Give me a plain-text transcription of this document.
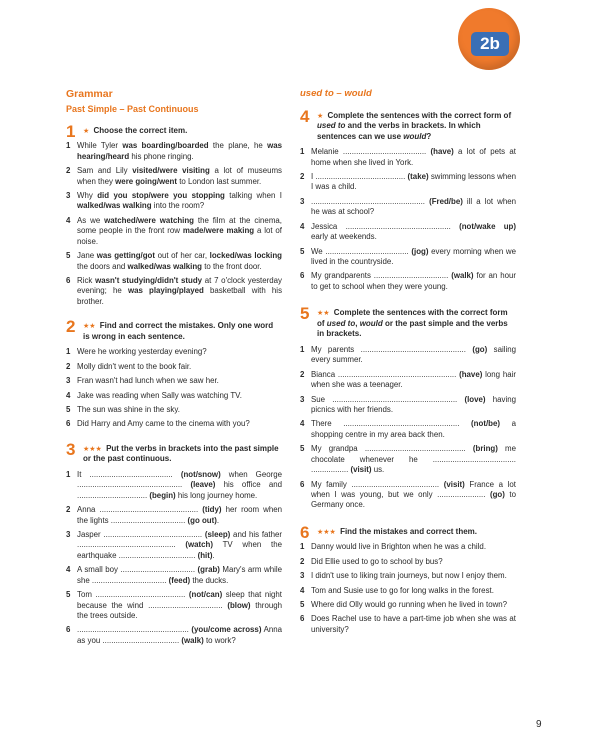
2b
Grammar
Past Simple – Past Continuous
1 ★ Choose the correct item.
1 While Tyler was boarding/boarded the plane, he was hearing/heard his phone ringing.
2 Sam and Lily visited/were visiting a lot of museums when they were going/went to London last summer.
3 Why did you stop/were you stopping talking when I walked/was walking into the room?
4 As we watched/were watching the film at the cinema, some people in the front row made/were making a lot of noise.
5 Jane was getting/got out of her car, locked/was locking the doors and walked/was walking to the front door.
6 Rick wasn't studying/didn't study at 7 o'clock yesterday evening; he was playing/played basketball with his brother.
2 ★★ Find and correct the mistakes. Only one word is wrong in each sentence.
1 Were he working yesterday evening?
2 Molly didn't went to the book fair.
3 Fran wasn't had lunch when we saw her.
4 Jake was reading when Sally was watching TV.
5 The sun was shine in the sky.
6 Did Harry and Amy came to the cinema with you?
3 ★★★ Put the verbs in brackets into the past simple or the past continuous.
1 It ...................................... (not/snow) when George ................................................ (leave) his office and ................................ (begin) his long journey home.
2 Anna ............................................. (tidy) her room when the lights .................................. (go out).
3 Jasper ............................................. (sleep) and his father ............................................. (watch) TV when the earthquake ................................... (hit).
4 A small boy .................................. (grab) Mary's arm while she .................................. (feed) the ducks.
5 Tom ......................................... (not/can) sleep that night because the wind .................................. (blow) through the trees outside.
6 ................................................... (you/come across) Anna as you ................................... (walk) to work?
used to – would
4 ★ Complete the sentences with the correct form of used to and the verbs in brackets. In which sentences can we use would?
1 Melanie ...................................... (have) a lot of pets at home when she lived in York.
2 I ......................................... (take) swimming lessons when I was a child.
3 .................................................... (Fred/be) ill a lot when he was at school?
4 Jessica ................................................ (not/wake up) early at weekends.
5 We ...................................... (jog) every morning when we lived in the countryside.
6 My grandparents .................................. (walk) for an hour to get to school when they were young.
5 ★★ Complete the sentences with the correct form of used to, would or the past simple and the verbs in brackets.
1 My parents ................................................ (go) sailing every summer.
2 Bianca ...................................................... (have) long hair when she was a teenager.
3 Sue ......................................................... (love) having picnics with her friends.
4 There ..................................................... (not/be) a shopping centre in my area back then.
5 My grandpa .............................................. (bring) me chocolate whenever he ...................................... ................. (visit) us.
6 My family ........................................ (visit) France a lot when I was young, but we only ...................... (go) to Germany once.
6 ★★★ Find the mistakes and correct them.
1 Danny would live in Brighton when he was a child.
2 Did Ellie used to go to school by bus?
3 I didn't use to liking train journeys, but now I enjoy them.
4 Tom and Susie use to go for long walks in the forest.
5 Where did Olly would go running when he lived in town?
6 Does Rachel use to have a part-time job when she was at university?
9
